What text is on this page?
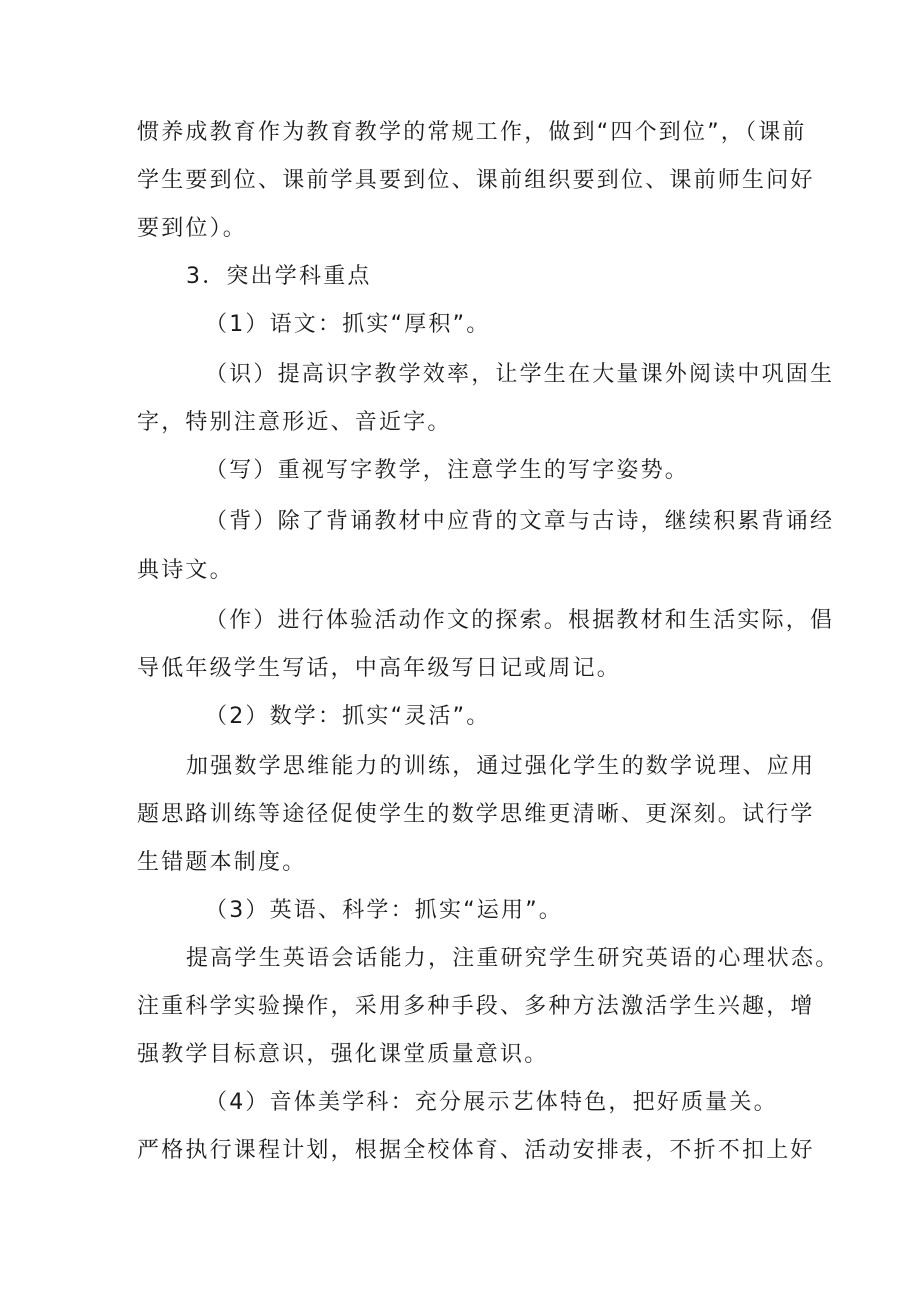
惯养成教育作为教育教学的常规工作，做到“四个到位”，（课前
学生要到位、课前学具要到位、课前组织要到位、课前师生问好
要到位）。
3．突出学科重点
（1）语文：抓实“厚积”。
（识）提高识字教学效率，让学生在大量课外阅读中巩固生
字，特别注意形近、音近字。
（写）重视写字教学，注意学生的写字姿势。
（背）除了背诵教材中应背的文章与古诗，继续积累背诵经
典诗文。
（作）进行体验活动作文的探索。根据教材和生活实际，倡
导低年级学生写话，中高年级写日记或周记。
（2）数学：抓实“灵活”。
加强数学思维能力的训练，通过强化学生的数学说理、应用
题思路训练等途径促使学生的数学思维更清晰、更深刻。试行学
生错题本制度。
（3）英语、科学：抓实“运用”。
提高学生英语会话能力，注重研究学生研究英语的心理状态。
注重科学实验操作，采用多种手段、多种方法激活学生兴趣，增
强教学目标意识，强化课堂质量意识。
（4）音体美学科：充分展示艺体特色，把好质量关。
严格执行课程计划，根据全校体育、活动安排表，不折不扣上好
